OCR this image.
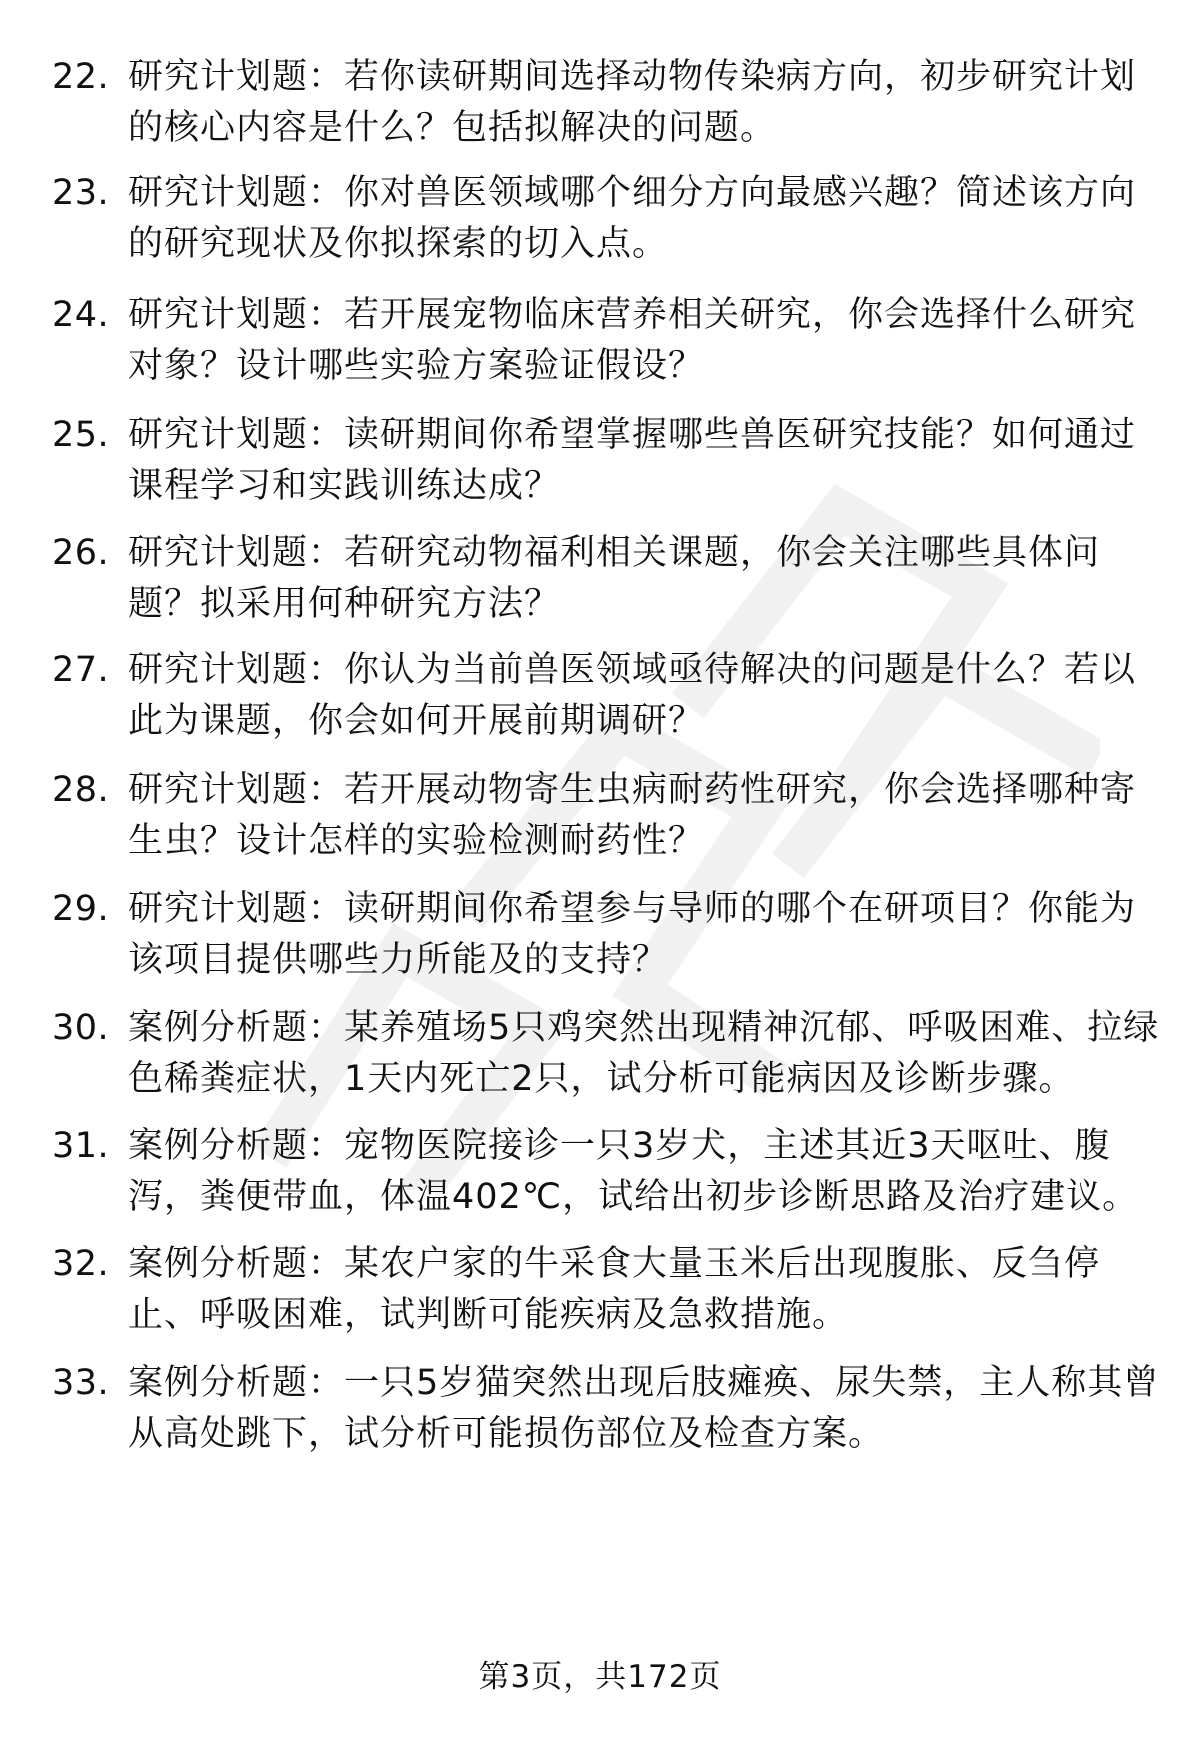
22. 研究计划题：若你读研期间选择动物传染病方向，初步研究计划的核心内容是什么？包括拟解决的问题。
23. 研究计划题：你对兽医领域哪个细分方向最感兴趣？简述该方向的研究现状及你拟探索的切入点。
24. 研究计划题：若开展宠物临床营养相关研究，你会选择什么研究对象？设计哪些实验方案验证假设？
25. 研究计划题：读研期间你希望掌握哪些兽医研究技能？如何通过课程学习和实践训练达成？
26. 研究计划题：若研究动物福利相关课题，你会关注哪些具体问题？拟采用何种研究方法？
27. 研究计划题：你认为当前兽医领域亟待解决的问题是什么？若以此为课题，你会如何开展前期调研？
28. 研究计划题：若开展动物寄生虫病耐药性研究，你会选择哪种寄生虫？设计怎样的实验检测耐药性？
29. 研究计划题：读研期间你希望参与导师的哪个在研项目？你能为该项目提供哪些力所能及的支持？
30. 案例分析题：某养殖场5只鸡突然出现精神沉郁、呼吸困难、拉绿色稀粪症状，1天内死亡2只，试分析可能病因及诊断步骤。
31. 案例分析题：宠物医院接诊一只3岁犬，主述其近3天呕吐、腹泻，粪便带血，体温402℃，试给出初步诊断思路及治疗建议。
32. 案例分析题：某农户家的牛采食大量玉米后出现腹胀、反刍停止、呼吸困难，试判断可能疾病及急救措施。
33. 案例分析题：一只5岁猫突然出现后肢瘫痪、尿失禁，主人称其曾从高处跳下，试分析可能损伤部位及检查方案。
第3页，共172页
